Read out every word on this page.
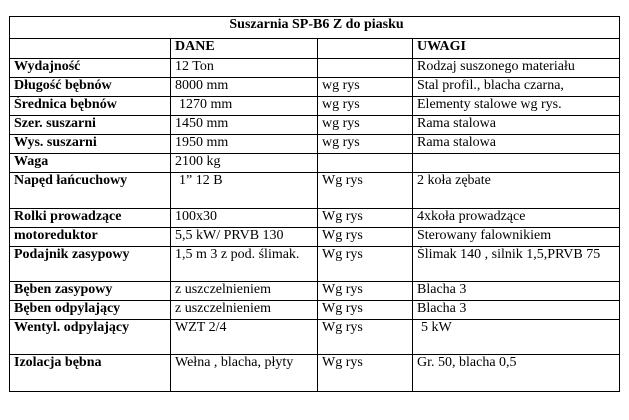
Suszarnia SP-B6 Z do piasku			
	DANE		UWAGI
Wydajność	12 Ton		Rodzaj suszonego materiału
Długość bębnów	8000 mm	wg rys	Stal profil., blacha czarna,
Średnica bębnów	1270 mm	wg rys	Elementy stalowe wg rys.
Szer. suszarni	1450 mm	wg rys	Rama stalowa
Wys. suszarni	1950 mm	wg rys	Rama stalowa
Waga	2100 kg		
Napęd łańcuchowy	1” 12 B	Wg rys	2 koła zębate
Rolki prowadzące	100x30	Wg rys	4xkoła prowadzące
motoreduktor	5,5 kW/ PRVB 130	Wg rys	Sterowany falownikiem
Podajnik zasypowy	1,5 m 3 z pod. ślimak.	Wg rys	Ślimak 140 , silnik 1,5,PRVB 75
Bęben zasypowy	z uszczelnieniem	Wg rys	Blacha 3
Bęben odpylający	z uszczelnieniem	Wg rys	Blacha 3
Wentyl. odpylający	WZT 2/4	Wg rys	5 kW
Izolacja bębna	Wełna , blacha, płyty	Wg rys	Gr. 50, blacha 0,5
